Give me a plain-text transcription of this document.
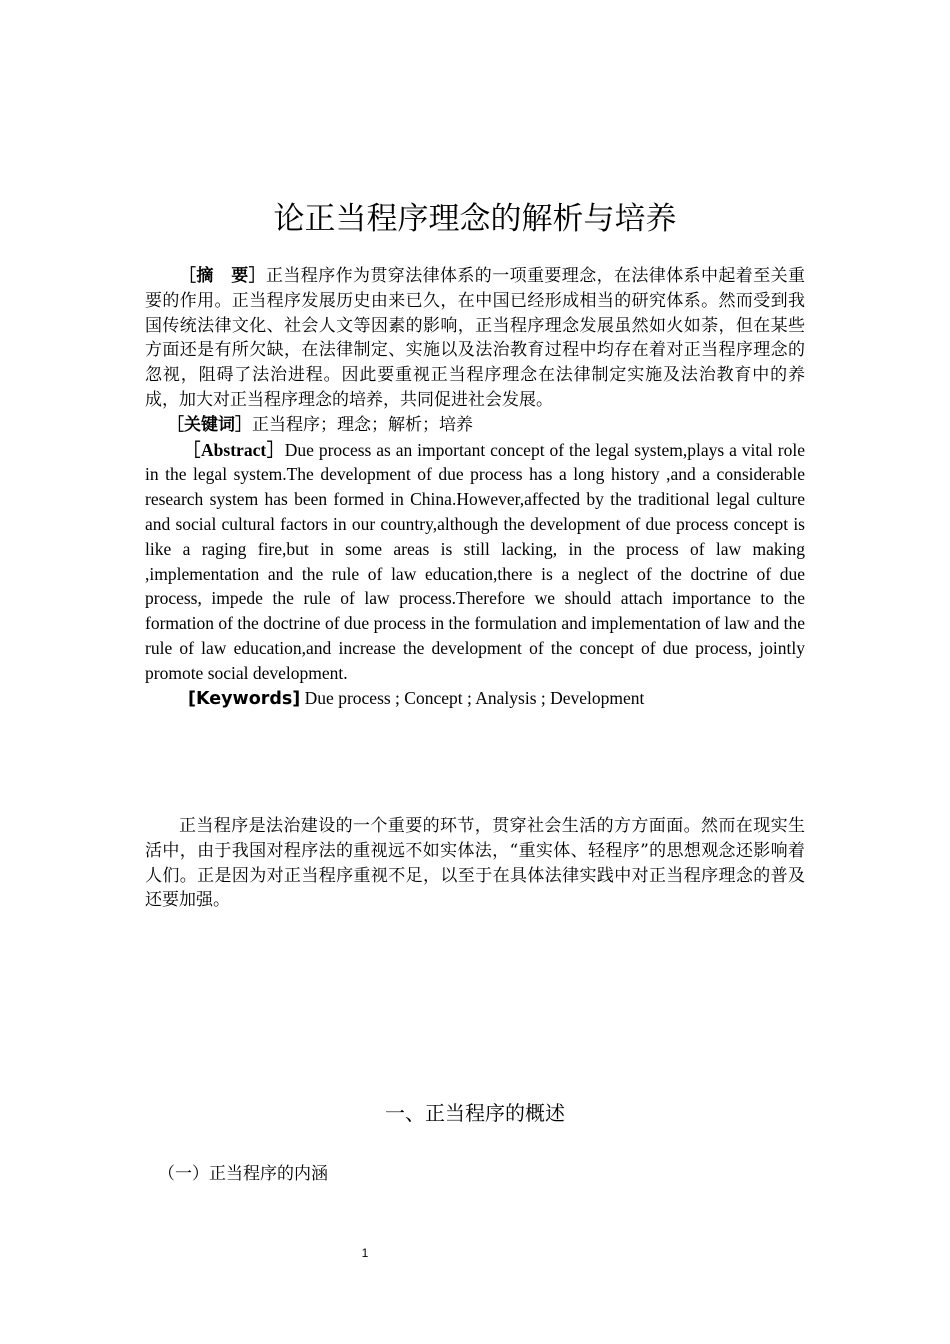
论正当程序理念的解析与培养

［摘　要］正当程序作为贯穿法律体系的一项重要理念，在法律体系中起着至关重要的作用。正当程序发展历史由来已久，在中国已经形成相当的研究体系。然而受到我国传统法律文化、社会人文等因素的影响，正当程序理念发展虽然如火如荼，但在某些方面还是有所欠缺，在法律制定、实施以及法治教育过程中均存在着对正当程序理念的忽视，阻碍了法治进程。因此要重视正当程序理念在法律制定实施及法治教育中的养成，加大对正当程序理念的培养，共同促进社会发展。

［关键词］正当程序；理念；解析；培养

［Abstract］Due process as an important concept of the legal system,plays a vital role in the legal system.The development of due process has a long history ,and a considerable research system has been formed in China.However,affected by the traditional legal culture and social cultural factors in our country,although the development of due process concept is like a raging fire,but in some areas is still lacking, in the process of law making ,implementation and the rule of law education,there is a neglect of the doctrine of due process, impede the rule of law process.Therefore we should attach importance to the formation of the doctrine of due process in the formulation and implementation of law and the rule of law education,and increase the development of the concept of due process, jointly promote social development.

[Keywords] Due process ; Concept ; Analysis ; Development

正当程序是法治建设的一个重要的环节，贯穿社会生活的方方面面。然而在现实生活中，由于我国对程序法的重视远不如实体法，“重实体、轻程序”的思想观念还影响着人们。正是因为对正当程序重视不足，以至于在具体法律实践中对正当程序理念的普及还要加强。

一、正当程序的概述
（一）正当程序的内涵
1
